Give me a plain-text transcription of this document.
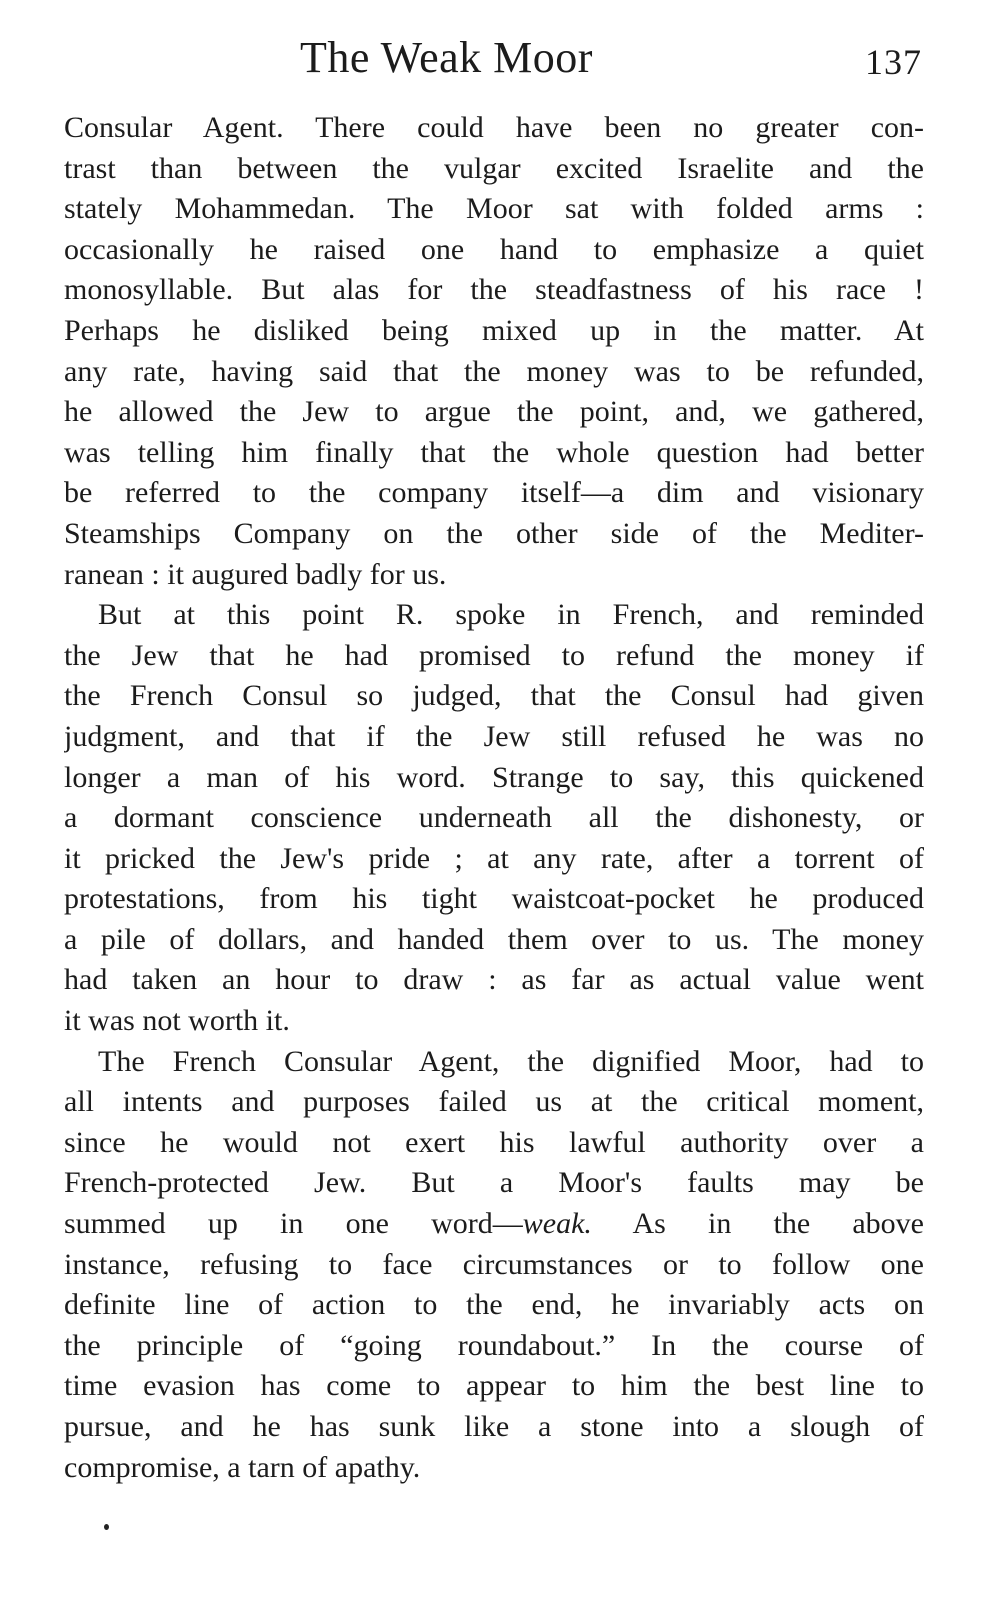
The Weak Moor	137
Consular Agent. There could have been no greater con-
trast than between the vulgar excited Israelite and the
stately Mohammedan. The Moor sat with folded arms :
occasionally he raised one hand to emphasize a quiet
monosyllable. But alas for the steadfastness of his race !
Perhaps he disliked being mixed up in the matter. At
any rate, having said that the money was to be refunded,
he allowed the Jew to argue the point, and, we gathered,
was telling him finally that the whole question had better
be referred to the company itself—a dim and visionary
Steamships Company on the other side of the Mediter-
ranean : it augured badly for us.
But at this point R. spoke in French, and reminded
the Jew that he had promised to refund the money if
the French Consul so judged, that the Consul had given
judgment, and that if the Jew still refused he was no
longer a man of his word. Strange to say, this quickened
a dormant conscience underneath all the dishonesty, or
it pricked the Jew's pride ; at any rate, after a torrent of
protestations, from his tight waistcoat-pocket he produced
a pile of dollars, and handed them over to us. The money
had taken an hour to draw : as far as actual value went
it was not worth it.
The French Consular Agent, the dignified Moor, had to
all intents and purposes failed us at the critical moment,
since he would not exert his lawful authority over a
French-protected Jew. But a Moor's faults may be
summed up in one word—weak. As in the above
instance, refusing to face circumstances or to follow one
definite line of action to the end, he invariably acts on
the principle of “going roundabout.” In the course of
time evasion has come to appear to him the best line to
pursue, and he has sunk like a stone into a slough of
compromise, a tarn of apathy.
